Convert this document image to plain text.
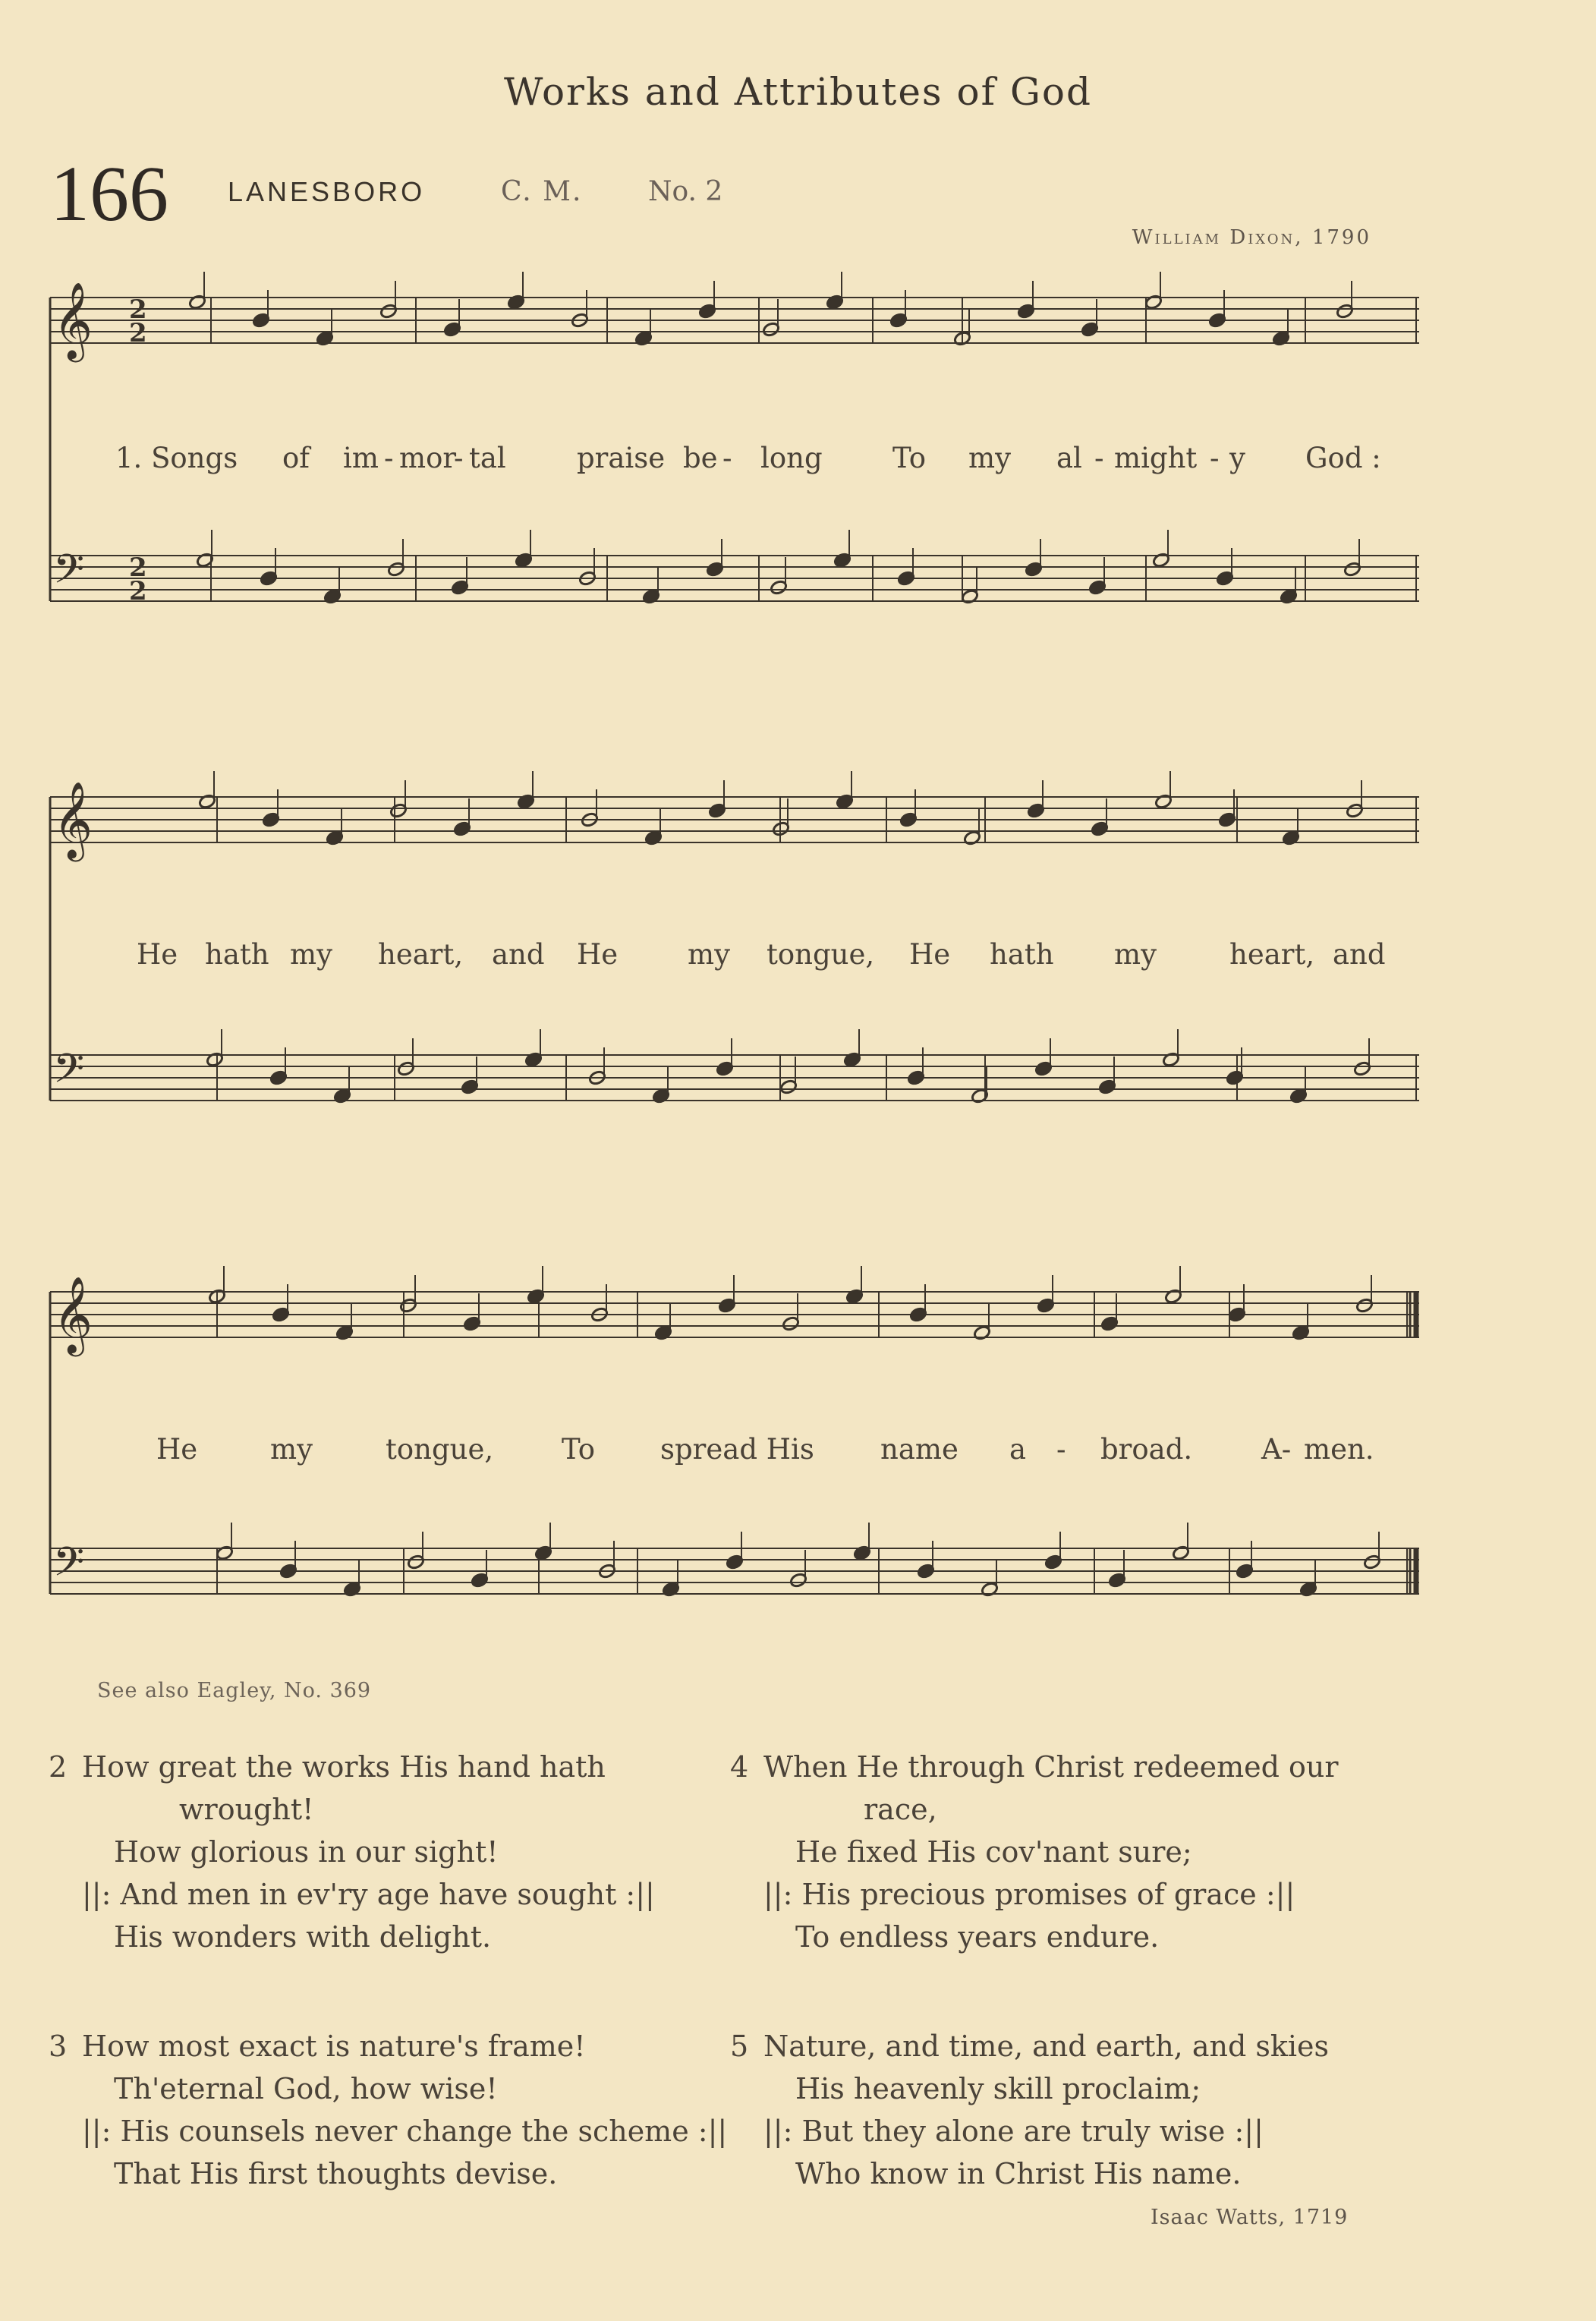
Works and Attributes of God
166 LANESBORO	C. M. No. 2
William Dixon, 1790
𝄞
𝄢
𝄞
𝄢
𝄞
𝄢
2
2
2
2
1. Songs of im - mor
- tal	praise be - long To my al - might - y God :
He hath my heart, and He my tongue, He hath my	heart, and
He	my	tongue, To spread His name a - broad. A- men.
See also Eagley, No. 369
2 How great the works His hand hath
wrought!
How glorious in our sight!
||: And men in ev'ry age have sought :||
His wonders with delight.
4 When He through Christ redeemed our
race,
He fixed His cov'nant sure;
||: His precious promises of grace :||
To endless years endure.
3 How most exact is nature's frame!
Th'eternal God, how wise!
||: His counsels never change the scheme :||
That His first thoughts devise.
5 Nature, and time, and earth, and skies
His heavenly skill proclaim;
||: But they alone are truly wise :||
Who know in Christ His name.
Isaac Watts, 1719
